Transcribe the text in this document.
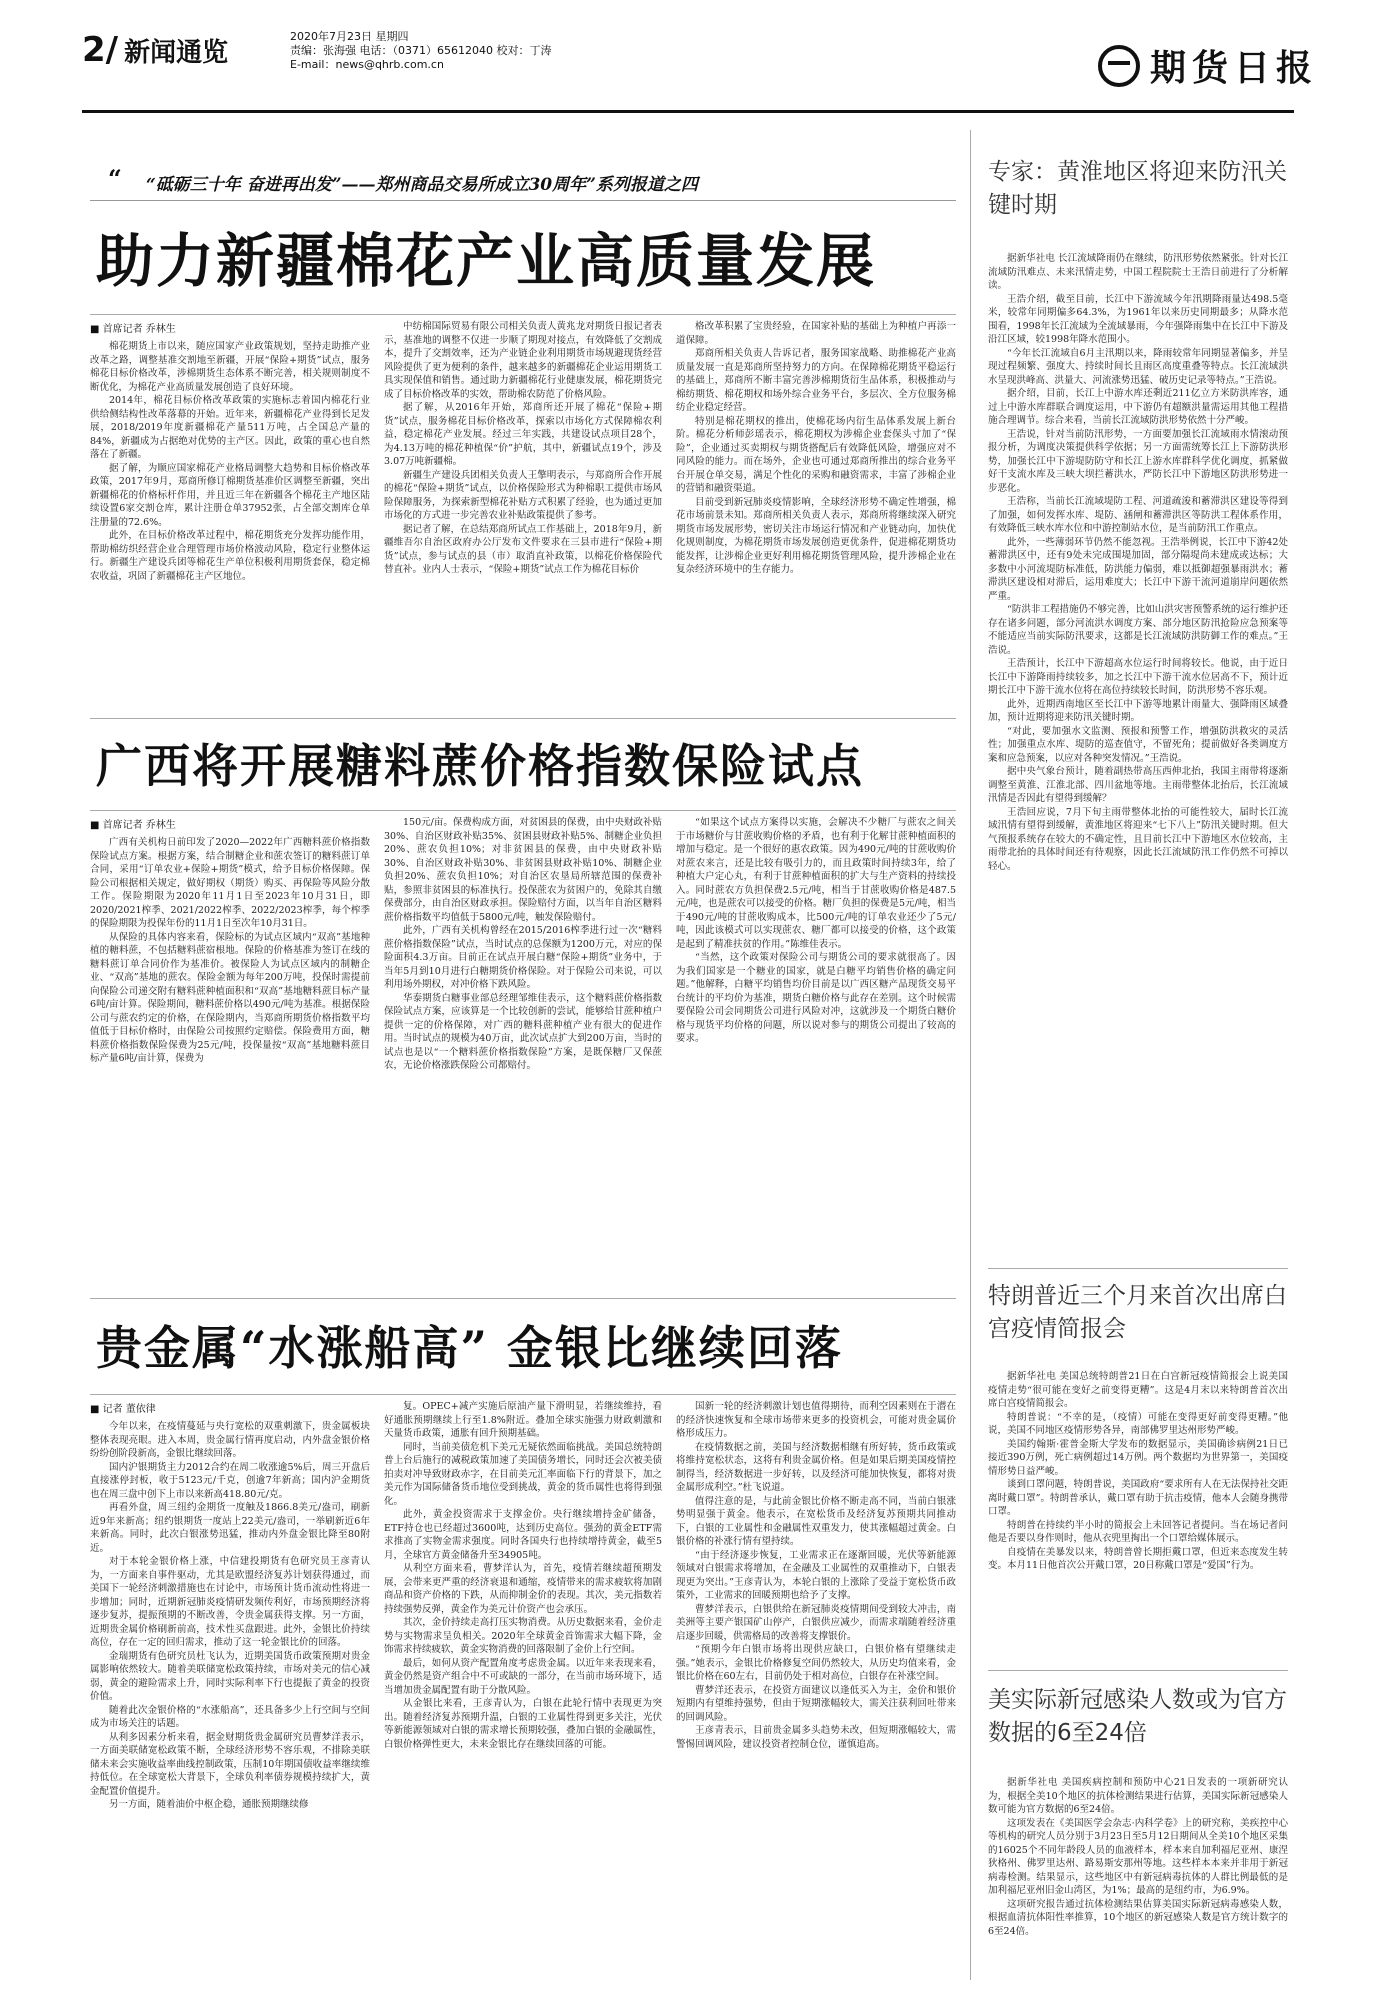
2/ 新闻通览
2020年7月23日 星期四
责编：张海强 电话：（0371）65612040 校对：丁涛
E-mail：news@qhrb.com.cn	期货日报
“ “砥砺三十年 奋进再出发”——郑州商品交易所成立30周年”系列报道之四
助力新疆棉花产业高质量发展
■ 首席记者 乔林生

棉花期货上市以来，随应国家产业政策规划，坚持走助推产业改革之路，调整基准交割地至新疆，开展“保险+期货”试点，服务棉花目标价格改革，涉棉期货生态体系不断完善，相关规则制度不断优化，为棉花产业高质量发展创造了良好环境。

2014年，棉花目标价格改革政策的实施标志着国内棉花行业供给侧结构性改革落幕的开始。近年来，新疆棉花产业得到长足发展，2018/2019年度新疆棉花产量511万吨，占全国总产量的84%，新疆成为占据绝对优势的主产区。因此，政策的重心也自然落在了新疆。

据了解，为顺应国家棉花产业格局调整大趋势和目标价格改革政策，2017年9月，郑商所修订棉期货基准价区调整至新疆，突出新疆棉花的价格标杆作用，并且近三年在新疆各个棉花主产地区陆续设置6家交割仓库，累计注册仓单37952张，占全部交割库仓单注册量的72.6%。

此外，在目标价格改革过程中，棉花期货充分发挥功能作用，帮助棉纺织经营企业合理管理市场价格波动风险，稳定行业整体运行。新疆生产建设兵团等棉花生产单位积极利用期货套保，稳定棉农收益，巩固了新疆棉花主产区地位。

中纺棉国际贸易有限公司相关负责人黄兆龙对期货日报记者表示，基准地的调整不仅进一步顺了期现对接点，有效降低了交割成本，提升了交割效率，还为产业链企业利用期货市场规避现货经营风险提供了更为便利的条件，越来越多的新疆棉花企业运用期货工具实现保值和销售。通过助力新疆棉花行业健康发展，棉花期货完成了目标价格改革的实效，帮助棉农防范了价格风险。

据了解，从2016年开始，郑商所还开展了棉花“保险+期货”试点，服务棉花目标价格改革，探索以市场化方式保障棉农利益，稳定棉花产业发展。经过三年实践，共建设试点项目28个，为4.13万吨的棉花种植保“价”护航，其中，新疆试点19个，涉及3.07万吨新疆棉。

新疆生产建设兵团相关负责人王擎明表示，与郑商所合作开展的棉花“保险+期货”试点，以价格保险形式为种棉职工提供市场风险保障服务，为探索新型棉花补贴方式积累了经验，也为通过更加市场化的方式进一步完善农业补贴政策提供了参考。

据记者了解，在总结郑商所试点工作基础上，2018年9月，新疆维吾尔自治区政府办公厅发布文件要求在三县市进行“保险+期货”试点，参与试点的县（市）取消直补政策，以棉花价格保险代替直补。业内人士表示，“保险+期货”试点工作为棉花目标价

格改革积累了宝贵经验，在国家补贴的基础上为种植户再添一道保障。

郑商所相关负责人告诉记者，服务国家战略、助推棉花产业高质量发展一直是郑商所坚持努力的方向。在保障棉花期货平稳运行的基础上，郑商所不断丰富完善涉棉期货衍生品体系，积极推动与棉纺期货、棉花期权和场外综合业务平台，多层次、全方位服务棉纺企业稳定经营。

特别是棉花期权的推出，使棉花场内衍生品体系发展上新台阶。棉花分析师彭瑶表示，棉花期权为涉棉企业套保头寸加了“保险”，企业通过买卖期权与期货搭配后有效降低风险，增强应对不同风险的能力。而在场外，企业也可通过郑商所推出的综合业务平台开展仓单交易，满足个性化的采购和融资需求，丰富了涉棉企业的营销和融资渠道。

目前受到新冠肺炎疫情影响，全球经济形势不确定性增强，棉花市场前景未知。郑商所相关负责人表示，郑商所将继续深入研究期货市场发展形势，密切关注市场运行情况和产业链动向，加快优化规则制度，为棉花期货市场发展创造更优条件，促进棉花期货功能发挥，让涉棉企业更好利用棉花期货管理风险，提升涉棉企业在复杂经济环境中的生存能力。

广西将开展糖料蔗价格指数保险试点
■ 首席记者 乔林生

广西有关机构日前印发了2020—2022年广西糖料蔗价格指数保险试点方案。根据方案，结合制糖企业和蔗农签订的糖料蔗订单合同，采用“订单农业+保险+期货”模式，给予目标价格保障。保险公司根据相关规定，做好期权（期货）购买、再保险等风险分散工作。保险期限为2020年11月1日至2023年10月31日，即2020/2021榨季、2021/2022榨季、2022/2023榨季，每个榨季的保险期限为投保年份的11月1日至次年10月31日。

从保险的具体内容来看，保险标的为试点区域内“双高”基地种植的糖料蔗，不包括糖料蔗宿根地。保险的价格基准为签订在线的糖料蔗订单合同价作为基准价。被保险人为试点区域内的制糖企业、“双高”基地的蔗农。保险金额为每年200万吨，投保时需提前向保险公司递交附有糖料蔗种植面积和“双高”基地糖料蔗目标产量6吨/亩计算。保险期间，糖料蔗价格以490元/吨为基准。根据保险公司与蔗农约定的价格，在保险期内，当郑商所期货价格指数平均值低于目标价格时，由保险公司按照约定赔偿。保险费用方面，糖料蔗价格指数保险保费为25元/吨，投保量按“双高”基地糖料蔗目标产量6吨/亩计算，保费为

150元/亩。保费构成方面，对贫困县的保费，由中央财政补贴30%、自治区财政补贴35%、贫困县财政补贴5%、制糖企业负担20%、蔗农负担10%；对非贫困县的保费，由中央财政补贴30%、自治区财政补贴30%、非贫困县财政补贴10%、制糖企业负担20%、蔗农负担10%；对自治区农垦局所辖范围的保费补贴，参照非贫困县的标准执行。投保蔗农为贫困户的，免除其自缴保费部分，由自治区财政承担。保险赔付方面，以当年自治区糖料蔗价格指数平均值低于5800元/吨，触发保险赔付。

此外，广西有关机构曾经在2015/2016榨季进行过一次“糖料蔗价格指数保险”试点，当时试点的总保额为1200万元，对应的保险面积4.3万亩。目前正在试点开展白糖“保险+期货”业务中，于当年5月到10月进行白糖期货价格保险。对于保险公司来说，可以利用场外期权，对冲价格下跌风险。

华泰期货白糖事业部总经理邹维佳表示，这个糖料蔗价格指数保险试点方案，应该算是一个比较创新的尝试，能够给甘蔗种植户提供一定的价格保障，对广西的糖料蔗种植产业有很大的促进作用。当时试点的规模为40万亩，此次试点扩大到200万亩，当时的试点也是以“一个糖料蔗价格指数保险”方案，是既保糖厂又保蔗农，无论价格涨跌保险公司都赔付。

“如果这个试点方案得以实施，会解决不少糖厂与蔗农之间关于市场糖价与甘蔗收购价格的矛盾，也有利于化解甘蔗种植面积的增加与稳定。是一个很好的惠农政策。因为490元/吨的甘蔗收购价对蔗农来言，还是比较有吸引力的，而且政策时间持续3年，给了种植大户定心丸，有利于甘蔗种植面积的扩大与生产资料的持续投入。同时蔗农方负担保费2.5元/吨，相当于甘蔗收购价格是487.5元/吨，也是蔗农可以接受的价格。糖厂负担的保费是5元/吨，相当于490元/吨的甘蔗收购成本，比500元/吨的订单农业还少了5元/吨，因此该模式可以实现蔗农、糖厂都可以接受的价格，这个政策是起到了精准扶贫的作用。”陈维佳表示。

“当然，这个政策对保险公司与期货公司的要求就很高了。因为我们国家是一个糖业的国家，就是白糖平均销售价格的确定问题。”他解释，白糖平均销售均价目前是以广西区糖产品现货交易平台统计的平均价为基准，期货白糖价格与此存在差别。这个时候需要保险公司会同期货公司进行风险对冲，这就涉及一个期货白糖价格与现货平均价格的问题，所以说对参与的期货公司提出了较高的要求。

贵金属“水涨船高” 金银比继续回落
■ 记者 董依律

今年以来，在疫情蔓延与央行宽松的双重刺激下，贵金属板块整体表现亮眼。进入本周，贵金属行情再度启动，内外盘金银价格纷纷创阶段新高，金银比继续回落。

国内沪银期货主力2012合约在周二收涨逾5%后，周三开盘后直接涨停封板，收于5123元/千克，创逾7年新高；国内沪金期货也在周三盘中创下上市以来新高418.80元/克。

再看外盘，周三纽约金期货一度触及1866.8美元/盎司，刷新近9年来新高；纽约银期货一度站上22美元/盎司，一举刷新近6年来新高。同时，此次白银涨势迅猛，推动内外盘金银比降至80附近。

对于本轮金银价格上涨，中信建投期货有色研究员王彦青认为，一方面来自事件驱动，尤其是欧盟经济复苏计划获得通过，而美国下一轮经济刺激措施也在讨论中，市场预计货币流动性将进一步增加；同时，近期新冠肺炎疫情研发频传利好，市场预期经济将逐步复苏，提振预期的不断改善，令贵金属获得支撑。另一方面，近期贵金属价格刷新前高，技术性买盘跟进。此外，金银比价持续高位，存在一定的回归需求，推动了这一轮金银比价的回落。

金瑞期货有色研究员杜飞认为，近期美国货币政策预期对贵金属影响依然较大。随着美联储宽松政策持续，市场对美元的信心减弱，黄金的避险需求上升，同时实际利率下行也提振了黄金的投资价值。

随着此次金银价格的“水涨船高”，还具备多少上行空间与空间成为市场关注的话题。

从利多因素分析来看，据金财期货贵金属研究员曹梦洋表示，一方面美联储宽松政策不断，全球经济形势不容乐观，不排除美联储未来会实施收益率曲线控制政策，压制10年期国债收益率继续维持低位。在全球宽松大背景下，全球负利率债券规模持续扩大，黄金配置价值提升。

另一方面，随着油价中枢企稳，通胀预期继续修

复。OPEC+减产实施后原油产量下滑明显，若继续维持，看好通胀预期继续上行至1.8%附近。叠加全球实施强力财政刺激和天量货币政策，通胀有回升预期基础。

同时，当前美债危机下美元无疑依然面临挑战。美国总统特朗普上台后施行的减税政策加速了美国债务增长，同时还会次被美债拍卖对冲导致财政赤字，在目前美元汇率面临下行的背景下，加之美元作为国际储备货币地位受到挑战，黄金的货币属性也将得到强化。

此外，黄金投资需求于支撑金价。央行继续增持金矿储备，ETF持仓也已经超过3600吨，达到历史高位。强劲的黄金ETF需求推高了实物金需求强度。同时各国央行也持续增持黄金，截至5月，全球官方黄金储备升至34905吨。

从利空方面来看，曹梦洋认为，首先，疫情若继续超预期发展，会带来更严重的经济衰退和通缩，疫情带来的需求疲软将加剧商品和资产价格的下跌，从而抑制金价的表现。其次，美元指数若持续强势反弹，黄金作为美元计价资产也会承压。

其次，金价持续走高打压实物消费。从历史数据来看，金价走势与实物需求呈负相关。2020年全球黄金首饰需求大幅下降，金饰需求持续疲软，黄金实物消费的回落限制了金价上行空间。

最后，如何从资产配置角度考虑贵金属。以近年来表现来看，黄金仍然是资产组合中不可或缺的一部分，在当前市场环境下，适当增加贵金属配置有助于分散风险。

从金银比来看，王彦青认为，白银在此轮行情中表现更为突出。随着经济复苏预期升温，白银的工业属性得到更多关注，光伏等新能源领域对白银的需求增长预期较强，叠加白银的金融属性，白银价格弹性更大，未来金银比存在继续回落的可能。

国新一轮的经济刺激计划也值得期待，而利空因素则在于潜在的经济快速恢复和全球市场带来更多的投资机会，可能对贵金属价格形成压力。

在疫情数据之前，美国与经济数据相继有所好转，货币政策或将维持宽松状态，这将有利贵金属价格。但是如果后期美国疫情控制得当，经济数据进一步好转，以及经济可能加快恢复，都将对贵金属形成利空。”杜飞说道。

值得注意的是，与此前金银比价格不断走高不同，当前白银涨势明显强于黄金。他表示，在宽松货币及经济复苏预期共同推动下，白银的工业属性和金融属性双重发力，使其涨幅超过黄金。白银价格的补涨行情有望持续。

“由于经济逐步恢复，工业需求正在逐渐回暖，光伏等新能源领域对白银需求将增加，在金融及工业属性的双重推动下，白银表现更为突出。”王彦青认为，本轮白银的上涨除了受益于宽松货币政策外，工业需求的回暖预期也给予了支撑。

曹梦洋表示，白银供给在新冠肺炎疫情期间受到较大冲击，南美洲等主要产银国矿山停产，白银供应减少，而需求端随着经济重启逐步回暖，供需格局的改善将支撑银价。

“预期今年白银市场将出现供应缺口，白银价格有望继续走强。”她表示，金银比价格修复空间仍然较大，从历史均值来看，金银比价格在60左右，目前仍处于相对高位，白银存在补涨空间。

曹梦洋还表示，在投资方面建议以逢低买入为主，金价和银价短期内有望维持强势，但由于短期涨幅较大，需关注获利回吐带来的回调风险。

王彦青表示，目前贵金属多头趋势未改，但短期涨幅较大，需警惕回调风险，建议投资者控制仓位，谨慎追高。

专家：黄淮地区将迎来防汛关键时期

据新华社电 长江流域降雨仍在继续，防汛形势依然紧张。针对长江流域防汛难点、未来汛情走势，中国工程院院士王浩日前进行了分析解读。

王浩介绍，截至目前，长江中下游流域今年汛期降雨量达498.5毫米，较常年同期偏多64.3%，为1961年以来历史同期最多；从降水范围看，1998年长江流域为全流域暴雨，今年强降雨集中在长江中下游及沿江区域，较1998年降水范围小。

“今年长江流域自6月主汛期以来，降雨较常年同期显著偏多，并呈现过程频繁、强度大、持续时间长且雨区高度重叠等特点。长江流域洪水呈现洪峰高、洪量大、河流涨势迅猛、破历史记录等特点。”王浩说。

据介绍，目前，长江上中游水库还剩近211亿立方米防洪库容，通过上中游水库群联合调度运用，中下游仍有超额洪量需运用其他工程措施合理调节。综合来看，当前长江流域防洪形势依然十分严峻。

王浩说，针对当前防汛形势，一方面要加强长江流域雨水情滚动预报分析，为调度决策提供科学依据；另一方面需统筹长江上下游防洪形势，加强长江中下游堤防防守和长江上游水库群科学优化调度，抓紧做好干支流水库及三峡大坝拦蓄洪水，严防长江中下游地区防洪形势进一步恶化。

王浩称，当前长江流域堤防工程、河道疏浚和蓄滞洪区建设等得到了加强，如何发挥水库、堤防、涵闸和蓄滞洪区等防洪工程体系作用，有效降低三峡水库水位和中游控制站水位，是当前防汛工作重点。

此外，一些薄弱环节仍然不能忽视。王浩举例说，长江中下游42处蓄滞洪区中，还有9处未完成围堤加固，部分隔堤尚未建成或达标；大多数中小河流堤防标准低，防洪能力偏弱，难以抵御超强暴雨洪水；蓄滞洪区建设相对滞后，运用难度大；长江中下游干流河道崩岸问题依然严重。

“防洪非工程措施仍不够完善，比如山洪灾害预警系统的运行维护还存在诸多问题，部分河流洪水调度方案、部分地区防汛抢险应急预案等不能适应当前实际防汛要求，这都是长江流域防洪防御工作的难点。”王浩说。

王浩预计，长江中下游超高水位运行时间将较长。他说，由于近日长江中下游降雨持续较多，加之长江中下游干流水位居高不下，预计近期长江中下游干流水位将在高位持续较长时间，防洪形势不容乐观。

此外，近期西南地区至长江中下游等地累计雨量大、强降雨区域叠加，预计近期将迎来防汛关键时期。

“对此，要加强水文监测、预报和预警工作，增强防洪救灾的灵活性；加强重点水库、堤防的巡查值守，不留死角；提前做好各类调度方案和应急预案，以应对各种突发情况。”王浩说。

据中央气象台预计，随着副热带高压西伸北抬，我国主雨带将逐渐调整至黄淮、江淮北部、四川盆地等地。主雨带整体北抬后，长江流域汛情是否因此有望得到缓解？

王浩回应说，7月下旬主雨带整体北抬的可能性较大，届时长江流域汛情有望得到缓解，黄淮地区将迎来“七下八上”防汛关键时期。但大气预报系统存在较大的不确定性，且目前长江中下游地区水位较高，主雨带北抬的具体时间还有待观察，因此长江流域防汛工作仍然不可掉以轻心。

特朗普近三个月来首次出席白宫疫情简报会

据新华社电 美国总统特朗普21日在白宫新冠疫情简报会上说美国疫情走势“很可能在变好之前变得更糟”。这是4月末以来特朗普首次出席白宫疫情简报会。

特朗普说：“不幸的是，（疫情）可能在变得更好前变得更糟。”他说，美国不同地区疫情形势各异，南部佛罗里达州形势严峻。

美国约翰斯·霍普金斯大学发布的数据显示，美国确诊病例21日已接近390万例，死亡病例超过14万例。两个数据均为世界第一，美国疫情形势日益严峻。

谈到口罩问题，特朗普说，美国政府“要求所有人在无法保持社交距离时戴口罩”。特朗普承认，戴口罩有助于抗击疫情，他本人会随身携带口罩。

特朗普在持续约半小时的简报会上未回答记者提问。当在场记者问他是否要以身作则时，他从衣兜里掏出一个口罩给媒体展示。

自疫情在美暴发以来，特朗普曾长期拒戴口罩，但近来态度发生转变。本月11日他首次公开戴口罩，20日称戴口罩是“爱国”行为。

美实际新冠感染人数或为官方数据的6至24倍

据新华社电 美国疾病控制和预防中心21日发表的一项新研究认为，根据全美10个地区的抗体检测结果进行估算，美国实际新冠感染人数可能为官方数据的6至24倍。

这项发表在《美国医学会杂志·内科学卷》上的研究称，美疾控中心等机构的研究人员分别于3月23日至5月12日期间从全美10个地区采集的16025个不同年龄段人员的血液样本，样本来自加利福尼亚州、康涅狄格州、佛罗里达州、路易斯安那州等地。这些样本本来并非用于新冠病毒检测。结果显示，这些地区中有新冠病毒抗体的人群比例最低的是加利福尼亚州旧金山湾区，为1%；最高的是纽约市，为6.9%。

这项研究报告通过抗体检测结果估算美国实际新冠病毒感染人数，根据血清抗体阳性率推算，10个地区的新冠感染人数是官方统计数字的6至24倍。
